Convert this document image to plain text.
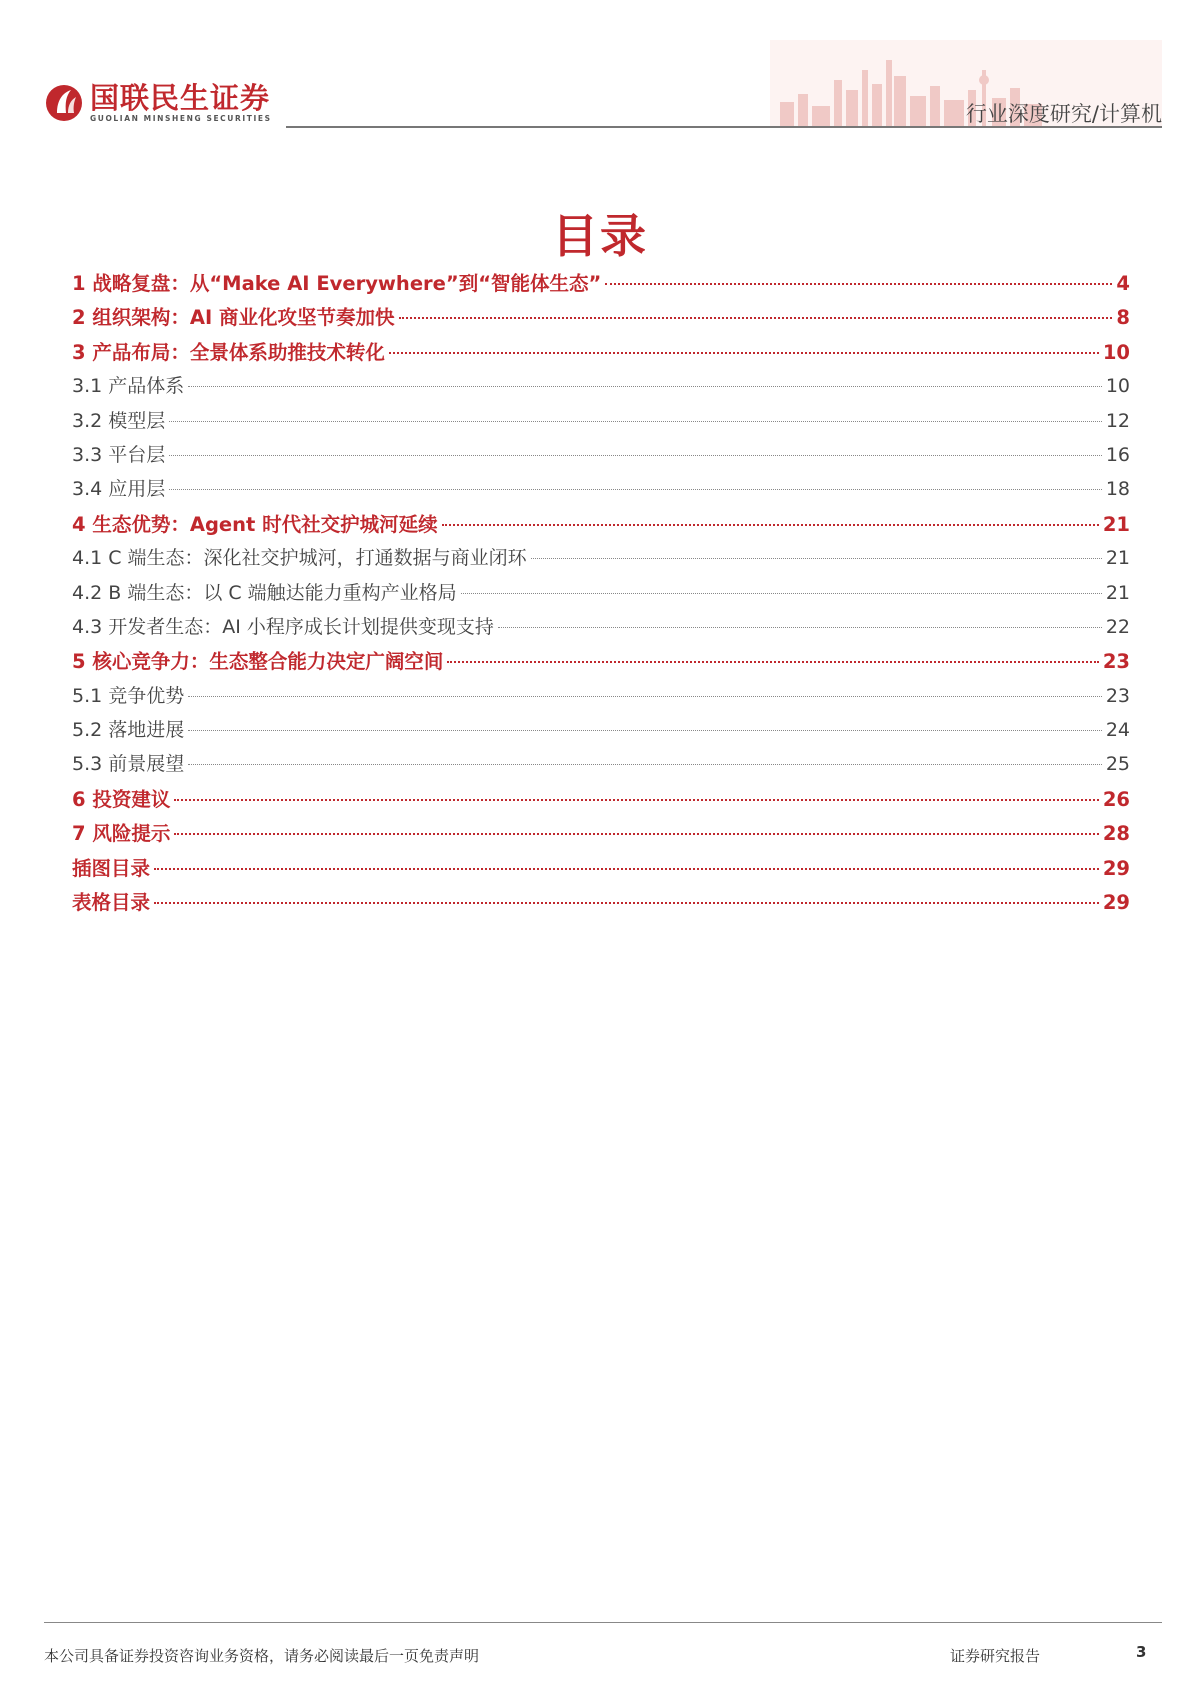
国联民生证券
GUOLIAN MINSHENG SECURITIES	行业深度研究/计算机
目录
1 战略复盘：从“Make AI Everywhere”到“智能体生态”	4
2 组织架构：AI 商业化攻坚节奏加快	8
3 产品布局：全景体系助推技术转化	10
3.1 产品体系	10
3.2 模型层	12
3.3 平台层	16
3.4 应用层	18
4 生态优势：Agent 时代社交护城河延续	21
4.1 C 端生态：深化社交护城河，打通数据与商业闭环	21
4.2 B 端生态：以 C 端触达能力重构产业格局	21
4.3 开发者生态：AI 小程序成长计划提供变现支持	22
5 核心竞争力：生态整合能力决定广阔空间	23
5.1 竞争优势	23
5.2 落地进展	24
5.3 前景展望	25
6 投资建议	26
7 风险提示	28
插图目录	29
表格目录	29
本公司具备证券投资咨询业务资格，请务必阅读最后一页免责声明	证券研究报告	3
